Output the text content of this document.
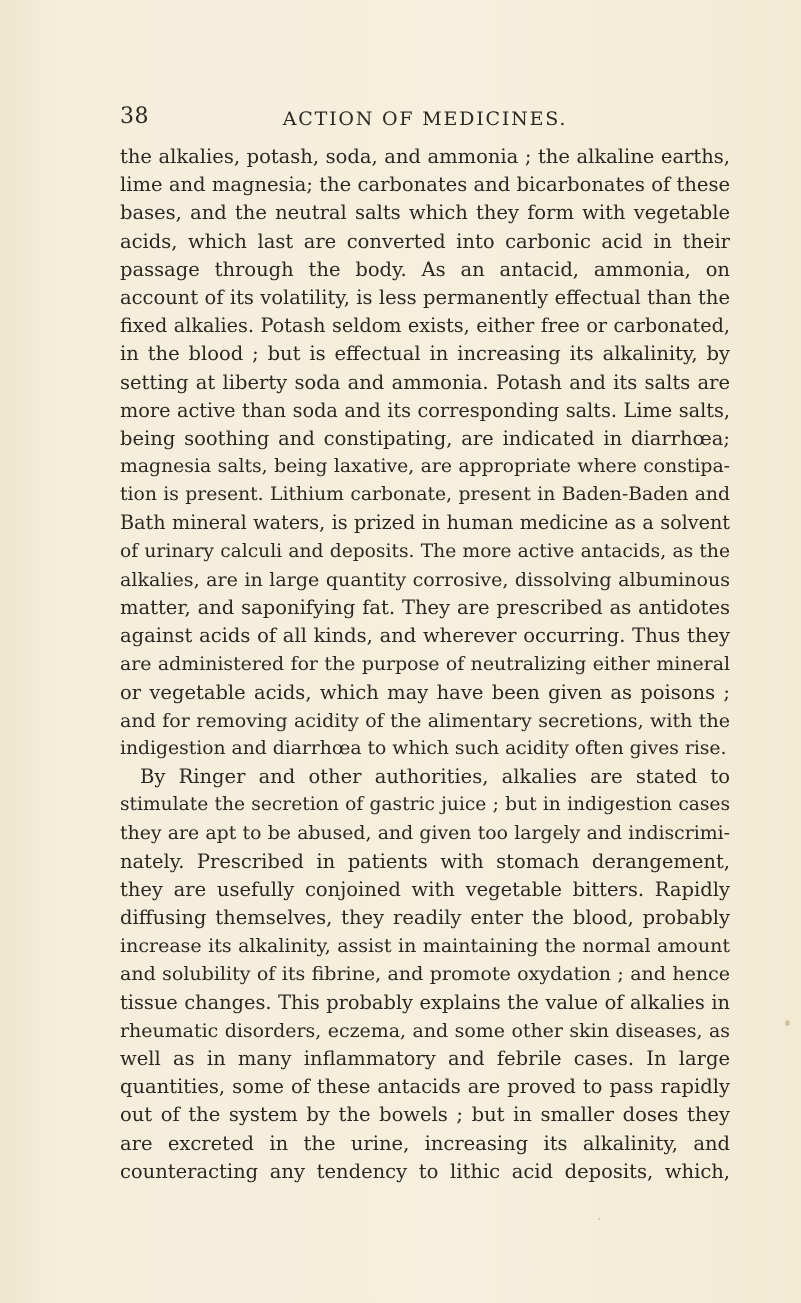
38	ACTION OF MEDICINES.
the alkalies, potash, soda, and ammonia ; the alkaline earths,
lime and magnesia; the carbonates and bicarbonates of these
bases, and the neutral salts which they form with vegetable
acids, which last are converted into carbonic acid in their
passage through the body. As an antacid, ammonia, on
account of its volatility, is less permanently effectual than the
fixed alkalies. Potash seldom exists, either free or carbonated,
in the blood ; but is effectual in increasing its alkalinity, by
setting at liberty soda and ammonia. Potash and its salts are
more active than soda and its corresponding salts. Lime salts,
being soothing and constipating, are indicated in diarrhœa;
magnesia salts, being laxative, are appropriate where constipa-
tion is present. Lithium carbonate, present in Baden-Baden and
Bath mineral waters, is prized in human medicine as a solvent
of urinary calculi and deposits. The more active antacids, as the
alkalies, are in large quantity corrosive, dissolving albuminous
matter, and saponifying fat. They are prescribed as antidotes
against acids of all kinds, and wherever occurring. Thus they
are administered for the purpose of neutralizing either mineral
or vegetable acids, which may have been given as poisons ;
and for removing acidity of the alimentary secretions, with the
indigestion and diarrhœa to which such acidity often gives rise.
By Ringer and other authorities, alkalies are stated to
stimulate the secretion of gastric juice ; but in indigestion cases
they are apt to be abused, and given too largely and indiscrimi-
nately. Prescribed in patients with stomach derangement,
they are usefully conjoined with vegetable bitters. Rapidly
diffusing themselves, they readily enter the blood, probably
increase its alkalinity, assist in maintaining the normal amount
and solubility of its fibrine, and promote oxydation ; and hence
tissue changes. This probably explains the value of alkalies in
rheumatic disorders, eczema, and some other skin diseases, as
well as in many inflammatory and febrile cases. In large
quantities, some of these antacids are proved to pass rapidly
out of the system by the bowels ; but in smaller doses they
are excreted in the urine, increasing its alkalinity, and
counteracting any tendency to lithic acid deposits, which,
